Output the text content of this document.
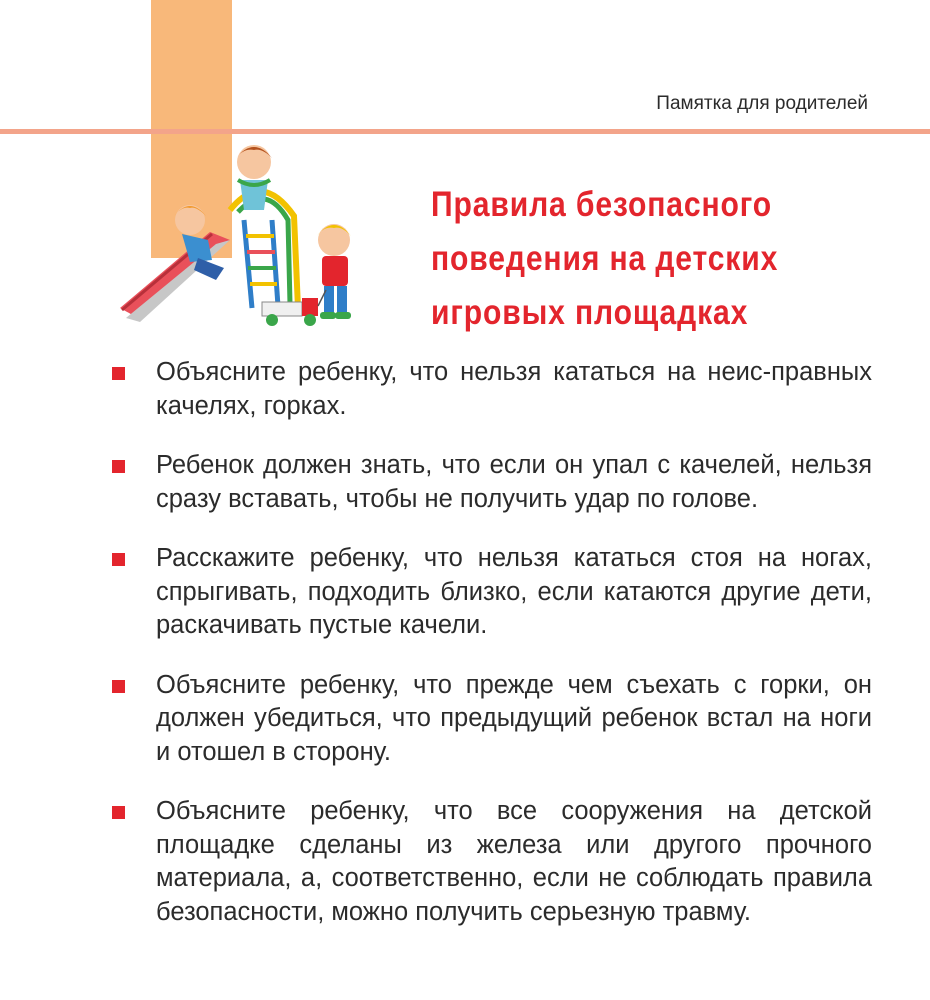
Памятка для родителей
Правила безопасного
поведения на детских
игровых площадках
Объясните ребенку, что нельзя кататься на неис-правных качелях, горках.
Ребенок должен знать, что если он упал с качелей, нельзя сразу вставать, чтобы не получить удар по голове.
Расскажите ребенку, что нельзя кататься стоя на ногах, спрыгивать, подходить близко, если катаются другие дети, раскачивать пустые качели.
Объясните ребенку, что прежде чем съехать с горки, он должен убедиться, что предыдущий ребенок встал на ноги и отошел в сторону.
Объясните ребенку, что все сооружения на детской площадке сделаны из железа или другого прочного материала, а, соответственно, если не соблюдать правила безопасности, можно получить серьезную травму.
